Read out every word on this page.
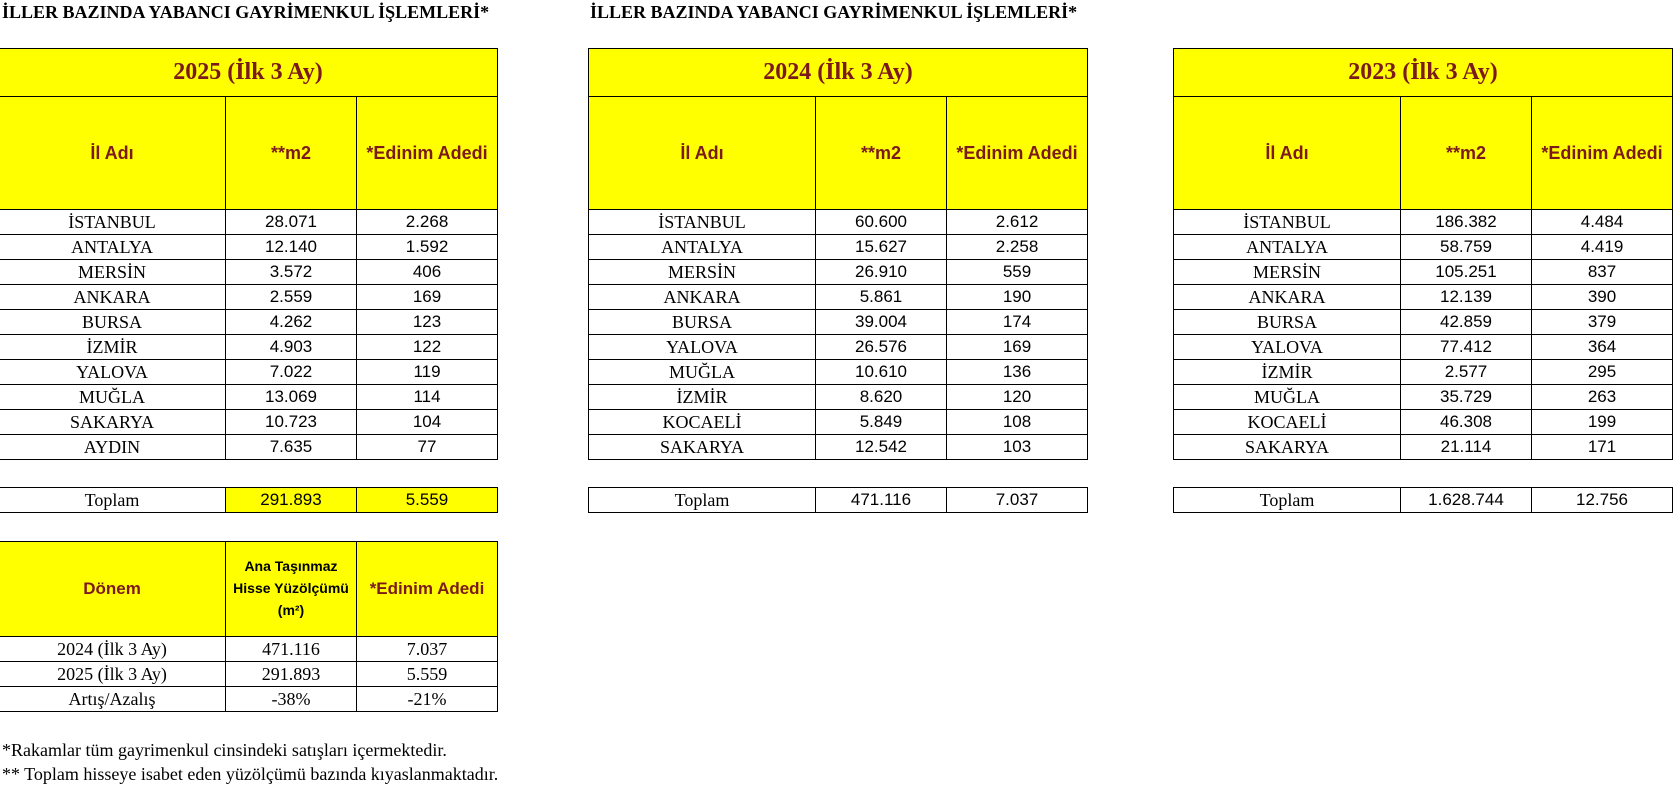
İLLER BAZINDA YABANCI GAYRİMENKUL İŞLEMLERİ*	İLLER BAZINDA YABANCI GAYRİMENKUL İŞLEMLERİ*
2025 (İlk 3 Ay)		
İl Adı	**m2	*Edinim Adedi
İSTANBUL	28.071	2.268
ANTALYA	12.140	1.592
MERSİN	3.572	406
ANKARA	2.559	169
BURSA	4.262	123
İZMİR	4.903	122
YALOVA	7.022	119
MUĞLA	13.069	114
SAKARYA	10.723	104
AYDIN	7.635	77
Toplam	291.893	5.559
2024 (İlk 3 Ay)		
İl Adı	**m2	*Edinim Adedi
İSTANBUL	60.600	2.612
ANTALYA	15.627	2.258
MERSİN	26.910	559
ANKARA	5.861	190
BURSA	39.004	174
YALOVA	26.576	169
MUĞLA	10.610	136
İZMİR	8.620	120
KOCAELİ	5.849	108
SAKARYA	12.542	103
Toplam	471.116	7.037
2023 (İlk 3 Ay)		
İl Adı	**m2	*Edinim Adedi
İSTANBUL	186.382	4.484
ANTALYA	58.759	4.419
MERSİN	105.251	837
ANKARA	12.139	390
BURSA	42.859	379
YALOVA	77.412	364
İZMİR	2.577	295
MUĞLA	35.729	263
KOCAELİ	46.308	199
SAKARYA	21.114	171
Toplam	1.628.744	12.756
Dönem	Ana Taşınmaz Hisse Yüzölçümü (m²)	*Edinim Adedi
2024 (İlk 3 Ay)	471.116	7.037
2025 (İlk 3 Ay)	291.893	5.559
Artış/Azalış	-38%	-21%
*Rakamlar tüm gayrimenkul cinsindeki satışları içermektedir.
** Toplam hisseye isabet eden yüzölçümü bazında kıyaslanmaktadır.
